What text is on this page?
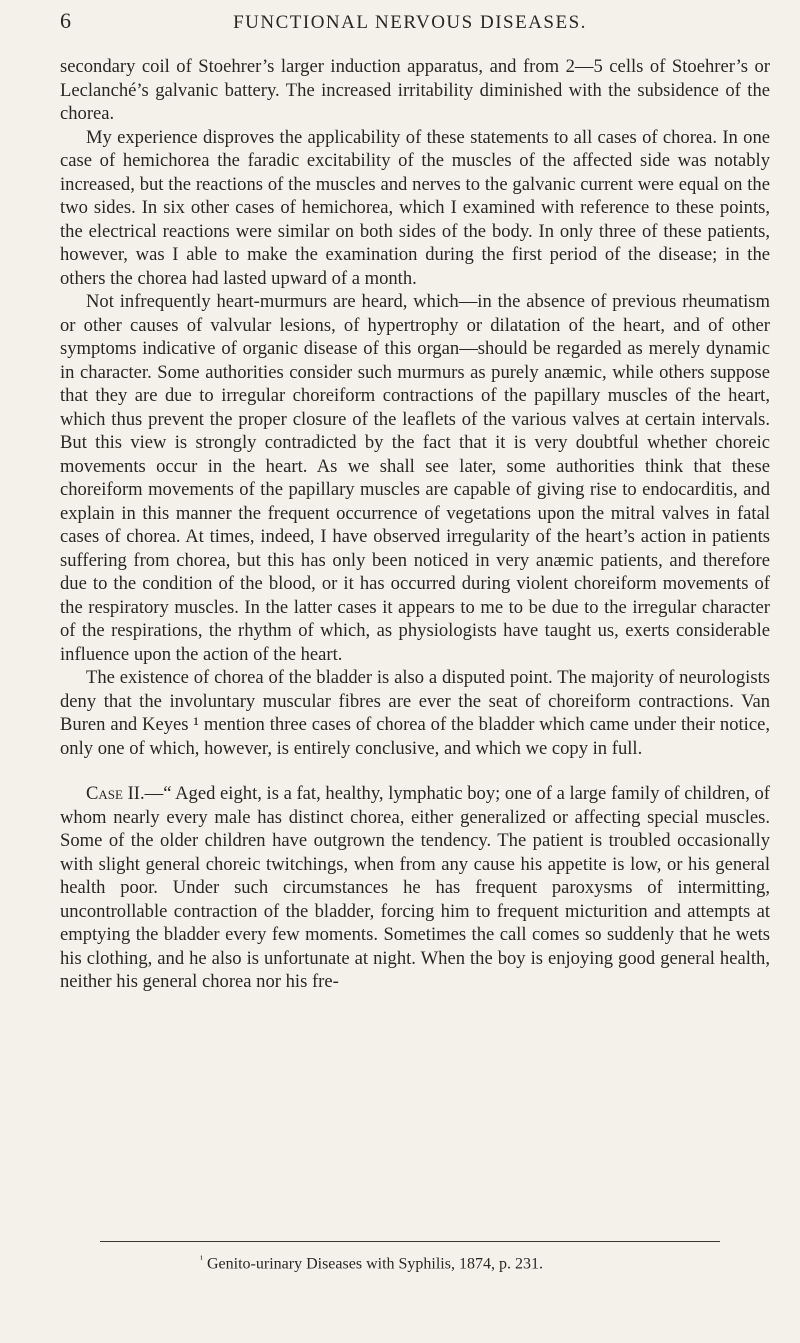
6	FUNCTIONAL NERVOUS DISEASES.

secondary coil of Stoehrer’s larger induction apparatus, and from 2—5 cells of Stoehrer’s or Leclanché’s galvanic battery. The increased irritability diminished with the subsidence of the chorea.

My experience disproves the applicability of these statements to all cases of chorea. In one case of hemichorea the faradic excitability of the muscles of the affected side was notably increased, but the reactions of the muscles and nerves to the galvanic current were equal on the two sides. In six other cases of hemichorea, which I examined with reference to these points, the electrical reactions were similar on both sides of the body. In only three of these patients, however, was I able to make the examination during the first period of the disease; in the others the chorea had lasted upward of a month.

Not infrequently heart-murmurs are heard, which—in the absence of previous rheumatism or other causes of valvular lesions, of hypertrophy or dilatation of the heart, and of other symptoms indicative of organic disease of this organ—should be regarded as merely dynamic in character. Some authorities consider such murmurs as purely anæmic, while others suppose that they are due to irregular choreiform contractions of the papillary muscles of the heart, which thus prevent the proper closure of the leaflets of the various valves at certain intervals. But this view is strongly contradicted by the fact that it is very doubtful whether choreic movements occur in the heart. As we shall see later, some authorities think that these choreiform movements of the papillary muscles are capable of giving rise to endocarditis, and explain in this manner the frequent occurrence of vegetations upon the mitral valves in fatal cases of chorea. At times, indeed, I have observed irregularity of the heart’s action in patients suffering from chorea, but this has only been noticed in very anæmic patients, and therefore due to the condition of the blood, or it has occurred during violent choreiform movements of the respiratory muscles. In the latter cases it appears to me to be due to the irregular character of the respirations, the rhythm of which, as physiologists have taught us, exerts considerable influence upon the action of the heart.

The existence of chorea of the bladder is also a disputed point. The majority of neurologists deny that the involuntary muscular fibres are ever the seat of choreiform contractions. Van Buren and Keyes ¹ mention three cases of chorea of the bladder which came under their notice, only one of which, however, is entirely conclusive, and which we copy in full.

Case II.—“ Aged eight, is a fat, healthy, lymphatic boy; one of a large family of children, of whom nearly every male has distinct chorea, either generalized or affecting special muscles. Some of the older children have outgrown the tendency. The patient is troubled occasionally with slight general choreic twitchings, when from any cause his appetite is low, or his general health poor. Under such circumstances he has frequent paroxysms of intermitting, uncontrollable contraction of the bladder, forcing him to frequent micturition and attempts at emptying the bladder every few moments. Sometimes the call comes so suddenly that he wets his clothing, and he also is unfortunate at night. When the boy is enjoying good general health, neither his general chorea nor his fre-

$^{^1}$ Genito-urinary Diseases with Syphilis, 1874, p. 231.
